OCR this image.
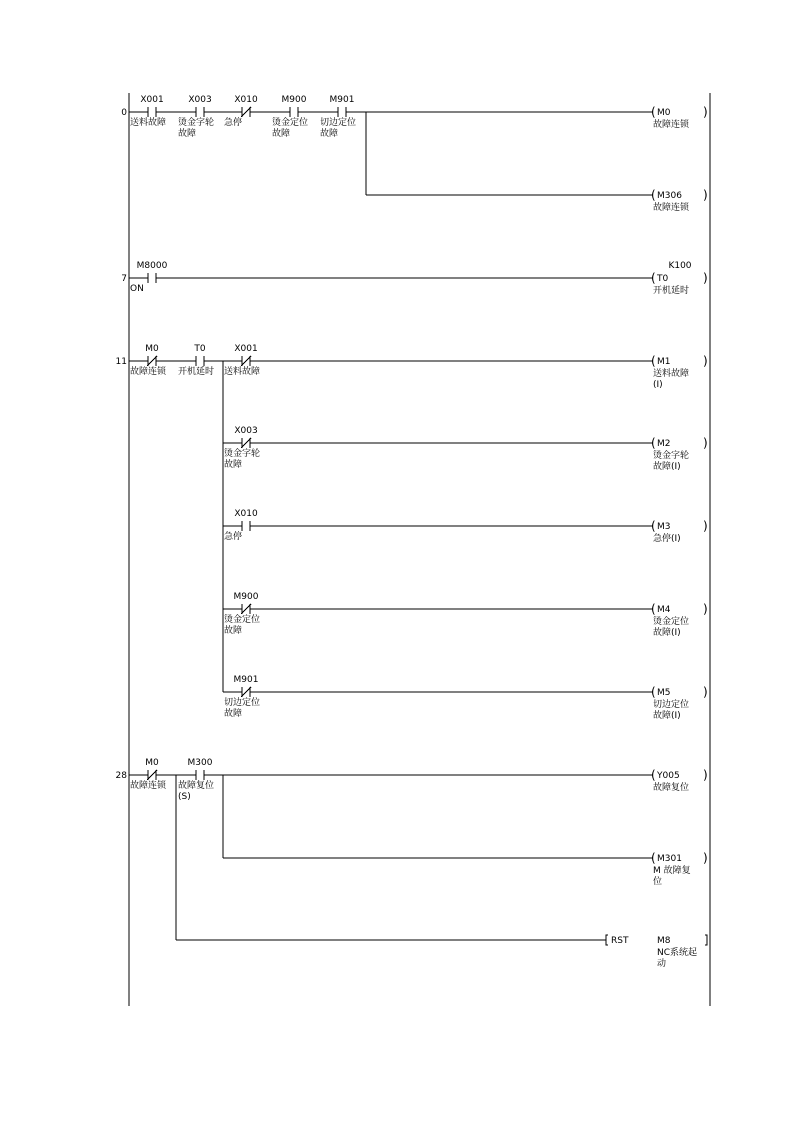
0
X001
送料故障
X003
烫金字轮
故障
X010
急停
M900
烫金定位
故障
M901
切边定位
故障
(	)
M0
故障连锁
(	)
M306
故障连锁
7
M8000
ON
(	)
T0
K100
开机延时
11
M0
故障连锁
T0
开机延时
X001
送料故障
(	)
M1
送料故障
(I)
X003
烫金字轮
故障
(	)
M2
烫金字轮
故障(I)
X010
急停
(	)
M3
急停(I)
M900
烫金定位
故障
(	)
M4
烫金定位
故障(I)
M901
切边定位
故障
(	)
M5
切边定位
故障(I)
28
M0
故障连锁
M300
故障复位
(S)
(	)
Y005
故障复位
(	)
M301
M 故障复
位
RST	M8
NC系统起
动
